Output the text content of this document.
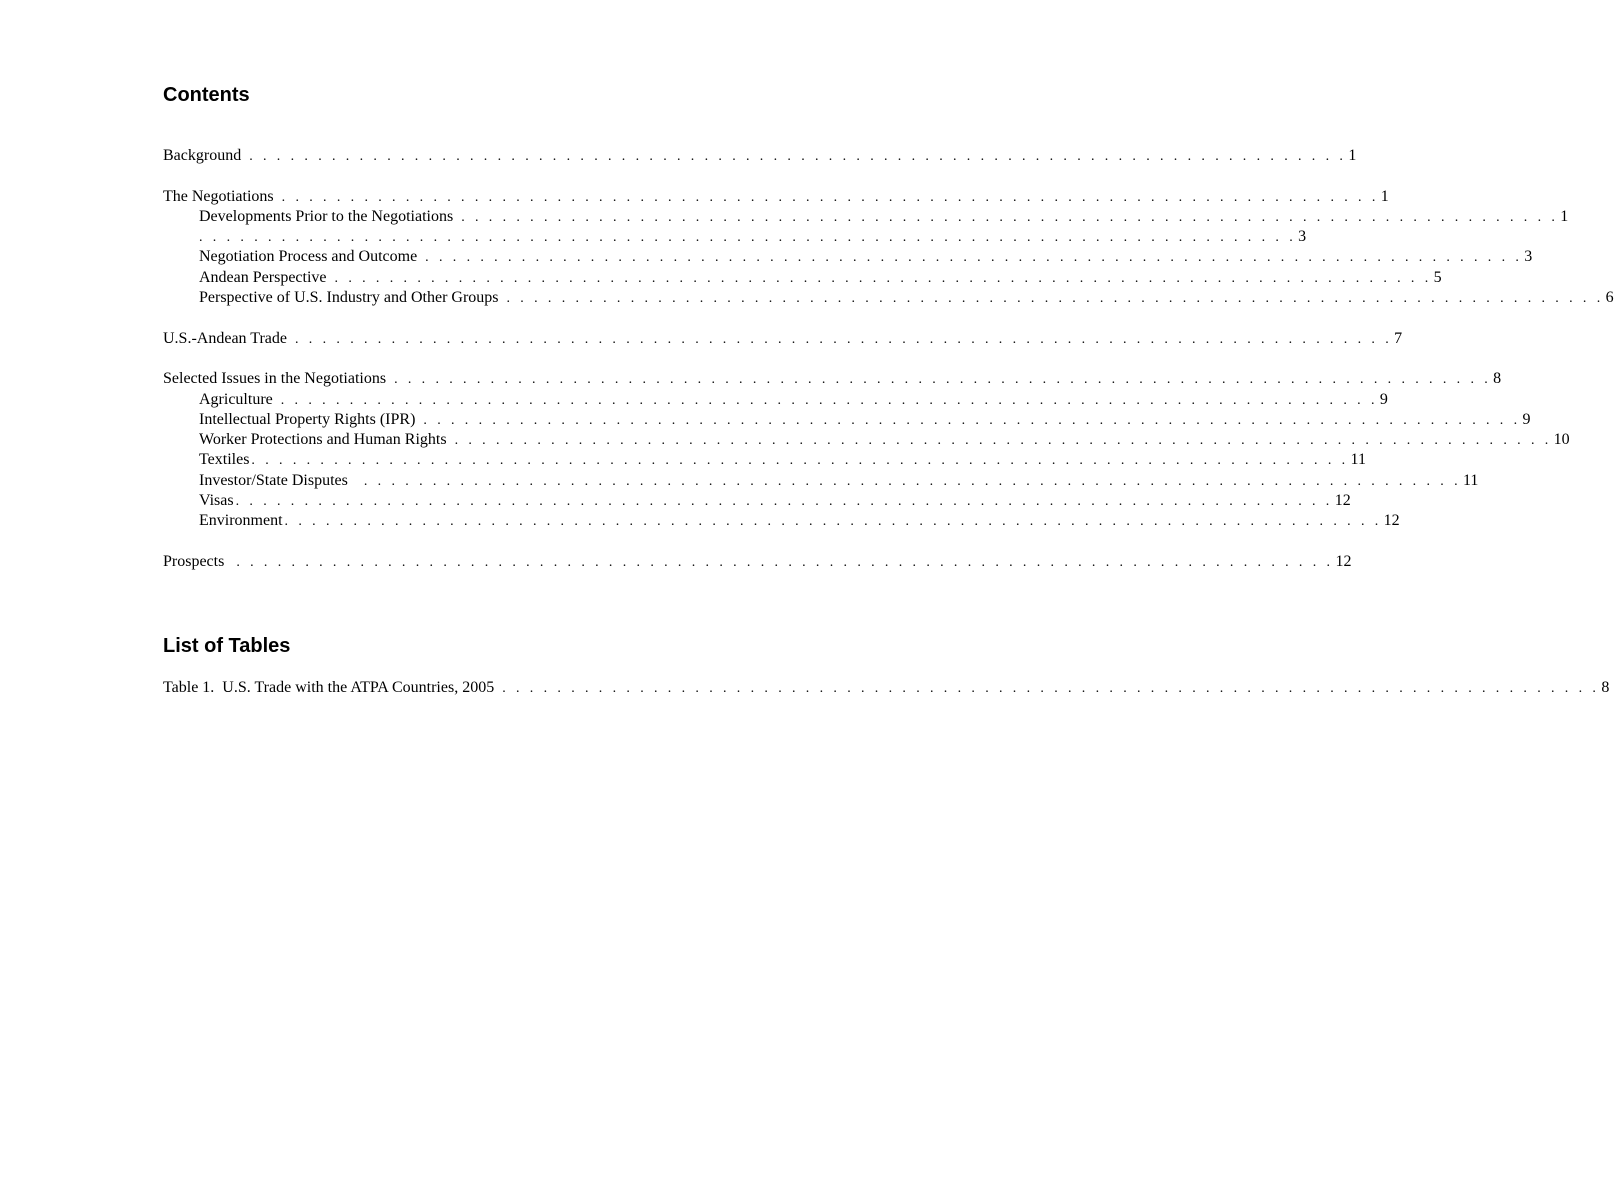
Contents
Background . . . . . . . . . . . . . . . . . . . . . . . . . . . . . . . . . . . . . . . . . . . . . . . . . . . . . . . . . . . . . . . . . . . . . . . . . . . . . . . . 1
The Negotiations . . . . . . . . . . . . . . . . . . . . . . . . . . . . . . . . . . . . . . . . . . . . . . . . . . . . . . . . . . . . . . . . . . . . . . . . . . . . . . . . 1
Developments Prior to the Negotiations . . . . . . . . . . . . . . . . . . . . . . . . . . . . . . . . . . . . . . . . . . . . . . . . . . . . . . . . . . . . . . . . . . . . . . . . . . . . . . . . 1
. . . . . . . . . . . . . . . . . . . . . . . . . . . . . . . . . . . . . . . . . . . . . . . . . . . . . . . . . . . . . . . . . . . . . . . . . . . . . . . . 3
Negotiation Process and Outcome . . . . . . . . . . . . . . . . . . . . . . . . . . . . . . . . . . . . . . . . . . . . . . . . . . . . . . . . . . . . . . . . . . . . . . . . . . . . . . . . 3
Andean Perspective . . . . . . . . . . . . . . . . . . . . . . . . . . . . . . . . . . . . . . . . . . . . . . . . . . . . . . . . . . . . . . . . . . . . . . . . . . . . . . . . 5
Perspective of U.S. Industry and Other Groups . . . . . . . . . . . . . . . . . . . . . . . . . . . . . . . . . . . . . . . . . . . . . . . . . . . . . . . . . . . . . . . . . . . . . . . . . . . . . . . . 6
U.S.-Andean Trade . . . . . . . . . . . . . . . . . . . . . . . . . . . . . . . . . . . . . . . . . . . . . . . . . . . . . . . . . . . . . . . . . . . . . . . . . . . . . . . . 7
Selected Issues in the Negotiations . . . . . . . . . . . . . . . . . . . . . . . . . . . . . . . . . . . . . . . . . . . . . . . . . . . . . . . . . . . . . . . . . . . . . . . . . . . . . . . . 8
Agriculture . . . . . . . . . . . . . . . . . . . . . . . . . . . . . . . . . . . . . . . . . . . . . . . . . . . . . . . . . . . . . . . . . . . . . . . . . . . . . . . . 9
Intellectual Property Rights (IPR) . . . . . . . . . . . . . . . . . . . . . . . . . . . . . . . . . . . . . . . . . . . . . . . . . . . . . . . . . . . . . . . . . . . . . . . . . . . . . . . . 9
Worker Protections and Human Rights . . . . . . . . . . . . . . . . . . . . . . . . . . . . . . . . . . . . . . . . . . . . . . . . . . . . . . . . . . . . . . . . . . . . . . . . . . . . . . . . 10
Textiles . . . . . . . . . . . . . . . . . . . . . . . . . . . . . . . . . . . . . . . . . . . . . . . . . . . . . . . . . . . . . . . . . . . . . . . . . . . . . . . . 11
Investor/State Disputes	. . . . . . . . . . . . . . . . . . . . . . . . . . . . . . . . . . . . . . . . . . . . . . . . . . . . . . . . . . . . . . . . . . . . . . . . . . . . . . . . 11
Visas . . . . . . . . . . . . . . . . . . . . . . . . . . . . . . . . . . . . . . . . . . . . . . . . . . . . . . . . . . . . . . . . . . . . . . . . . . . . . . . . 12
Environment . . . . . . . . . . . . . . . . . . . . . . . . . . . . . . . . . . . . . . . . . . . . . . . . . . . . . . . . . . . . . . . . . . . . . . . . . . . . . . . . 12
Prospects . . . . . . . . . . . . . . . . . . . . . . . . . . . . . . . . . . . . . . . . . . . . . . . . . . . . . . . . . . . . . . . . . . . . . . . . . . . . . . . . 12
List of Tables
Table 1.  U.S. Trade with the ATPA Countries, 2005 . . . . . . . . . . . . . . . . . . . . . . . . . . . . . . . . . . . . . . . . . . . . . . . . . . . . . . . . . . . . . . . . . . . . . . . . . . . . . . . . 8
